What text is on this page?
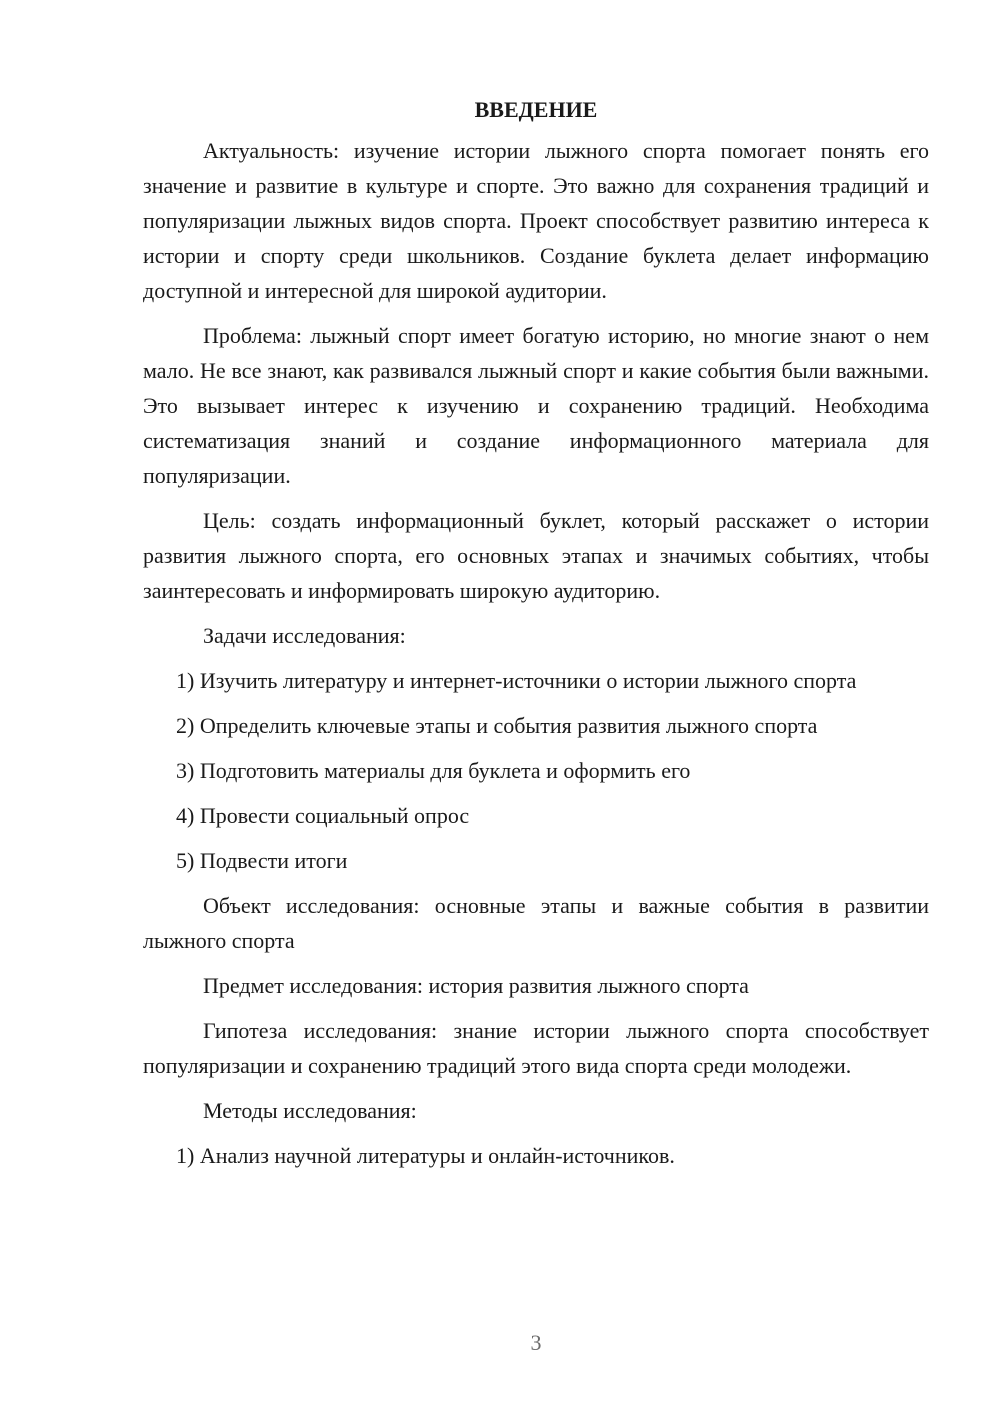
ВВЕДЕНИЕ

Актуальность: изучение истории лыжного спорта помогает понять его значение и развитие в культуре и спорте. Это важно для сохранения традиций и популяризации лыжных видов спорта. Проект способствует развитию интереса к истории и спорту среди школьников. Создание буклета делает информацию доступной и интересной для широкой аудитории.

Проблема: лыжный спорт имеет богатую историю, но многие знают о нем мало. Не все знают, как развивался лыжный спорт и какие события были важными. Это вызывает интерес к изучению и сохранению традиций. Необходима систематизация знаний и создание информационного материала для популяризации.

Цель: создать информационный буклет, который расскажет о истории развития лыжного спорта, его основных этапах и значимых событиях, чтобы заинтересовать и информировать широкую аудиторию.

Задачи исследования:

1) Изучить литературу и интернет-источники о истории лыжного спорта

2) Определить ключевые этапы и события развития лыжного спорта

3) Подготовить материалы для буклета и оформить его

4) Провести социальный опрос

5) Подвести итоги

Объект исследования: основные этапы и важные события в развитии лыжного спорта

Предмет исследования: история развития лыжного спорта

Гипотеза исследования: знание истории лыжного спорта способствует популяризации и сохранению традиций этого вида спорта среди молодежи.

Методы исследования:

1) Анализ научной литературы и онлайн-источников.

3
